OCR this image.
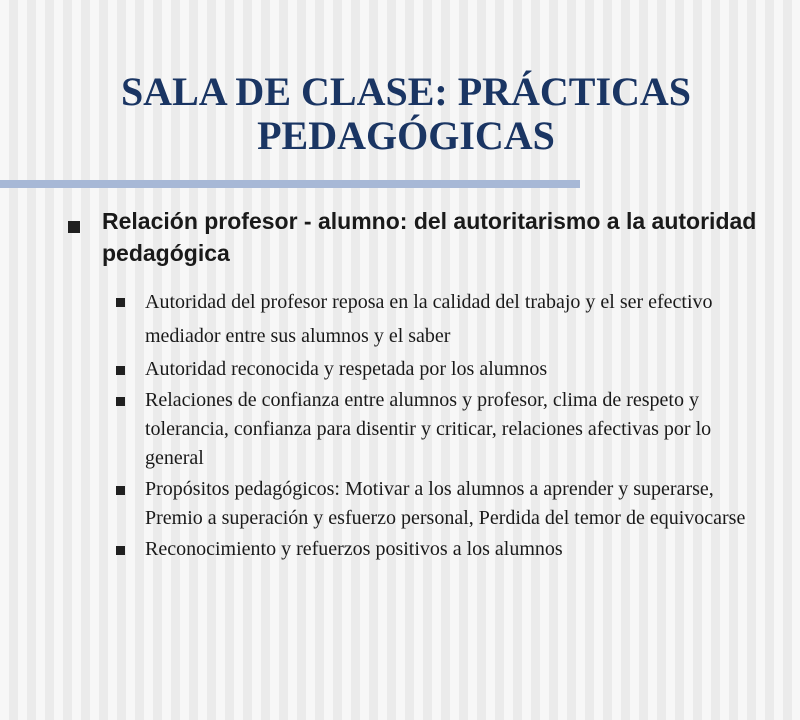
SALA DE CLASE: PRÁCTICAS
PEDAGÓGICAS

Relación profesor - alumno: del autoritarismo a la autoridad pedagógica

Autoridad del profesor reposa en la calidad del trabajo y el ser efectivo mediador entre sus alumnos y el saber
Autoridad reconocida y respetada por los alumnos
Relaciones de confianza entre alumnos y profesor, clima de respeto y tolerancia, confianza para disentir y criticar, relaciones afectivas por lo general
Propósitos pedagógicos: Motivar a los alumnos a aprender y superarse, Premio a superación y esfuerzo personal, Perdida del temor de equivocarse
Reconocimiento y refuerzos positivos a los alumnos
